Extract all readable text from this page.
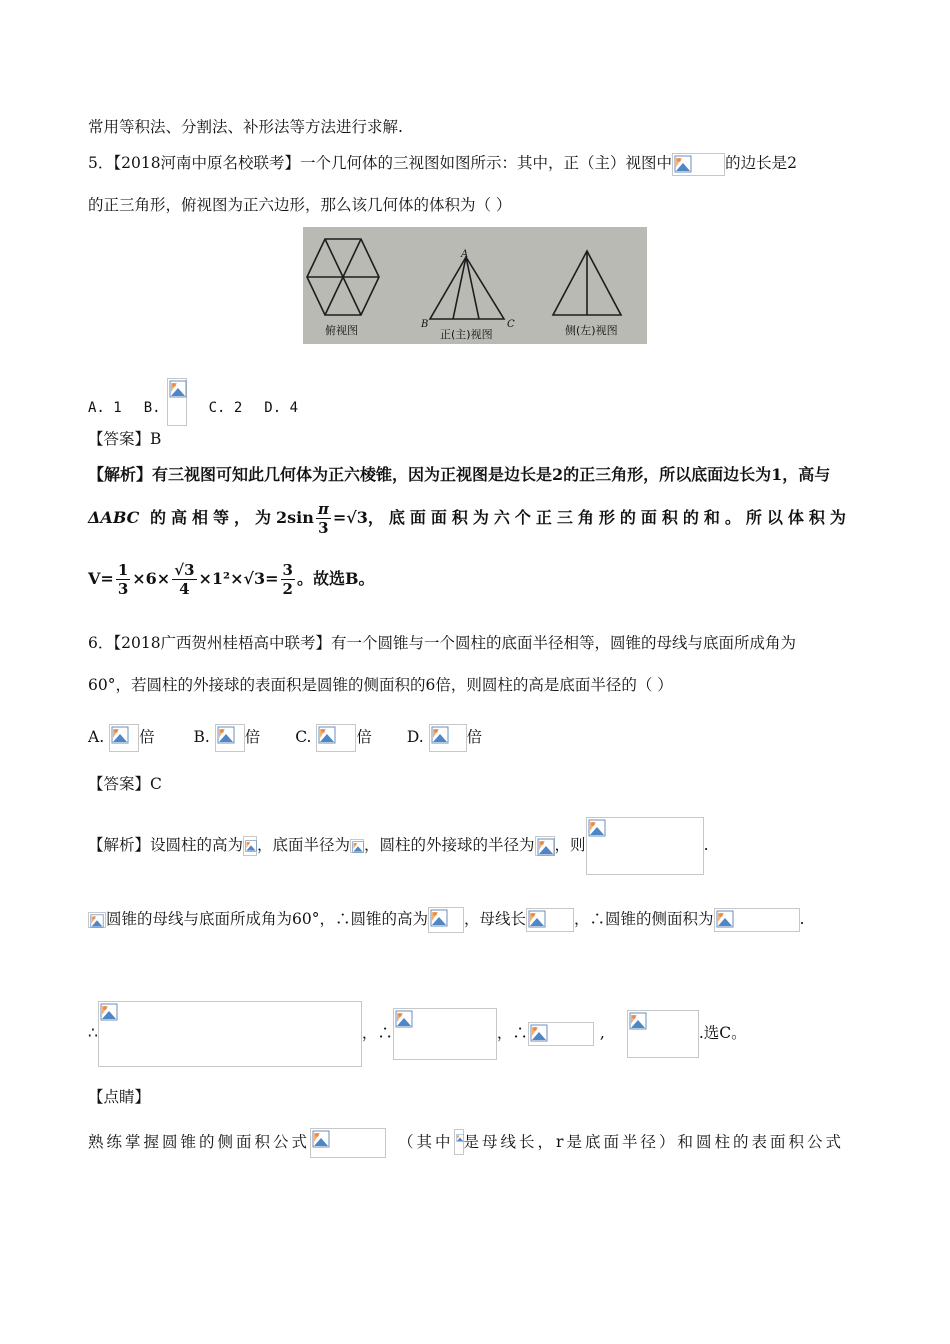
常用等积法、分割法、补形法等方法进行求解.
5．【2018河南中原名校联考】一个几何体的三视图如图所示：其中，正（主）视图中	的边长是2
的正三角形，俯视图为正六边形，那么该几何体的体积为（ ）
俯视图
A
B	C
正(主)视图	侧(左)视图
A. 1 B.	C. 2 D. 4
【答案】B
【解析】有三视图可知此几何体为正六棱锥，因为正视图是边长是2的正三角形，所以底面边长为1，高与
ΔABC 的高相等，为$2\sin \frac{\pi}{3} =√3$，底面面积为六个正三角形的面积的和。所以体积为
$V= \frac{1}{3} \times 6\times \frac{√3}{4} \times 1^2\times√3= \frac{3}{2}$ 。故选B。
6．【2018广西贺州桂梧高中联考】有一个圆锥与一个圆柱的底面半径相等，圆锥的母线与底面所成角为
60°，若圆柱的外接球的表面积是圆锥的侧面积的6倍，则圆柱的高是底面半径的（ ）
A. 倍	B. 倍 C.	倍 D.	倍
【答案】C
【解析】设圆柱的高为 ，底面半径为 ，圆柱的外接球的半径为 ，则	.
圆锥的母线与底面所成角为60°，∴圆锥的高为 ，母线长	，∴圆锥的侧面积为	.
∴	，∴	，∴	,	.选C。
【点睛】
熟练掌握圆锥的侧面积公式	（其中 是母线长，r是底面半径）和圆柱的表面积公式
